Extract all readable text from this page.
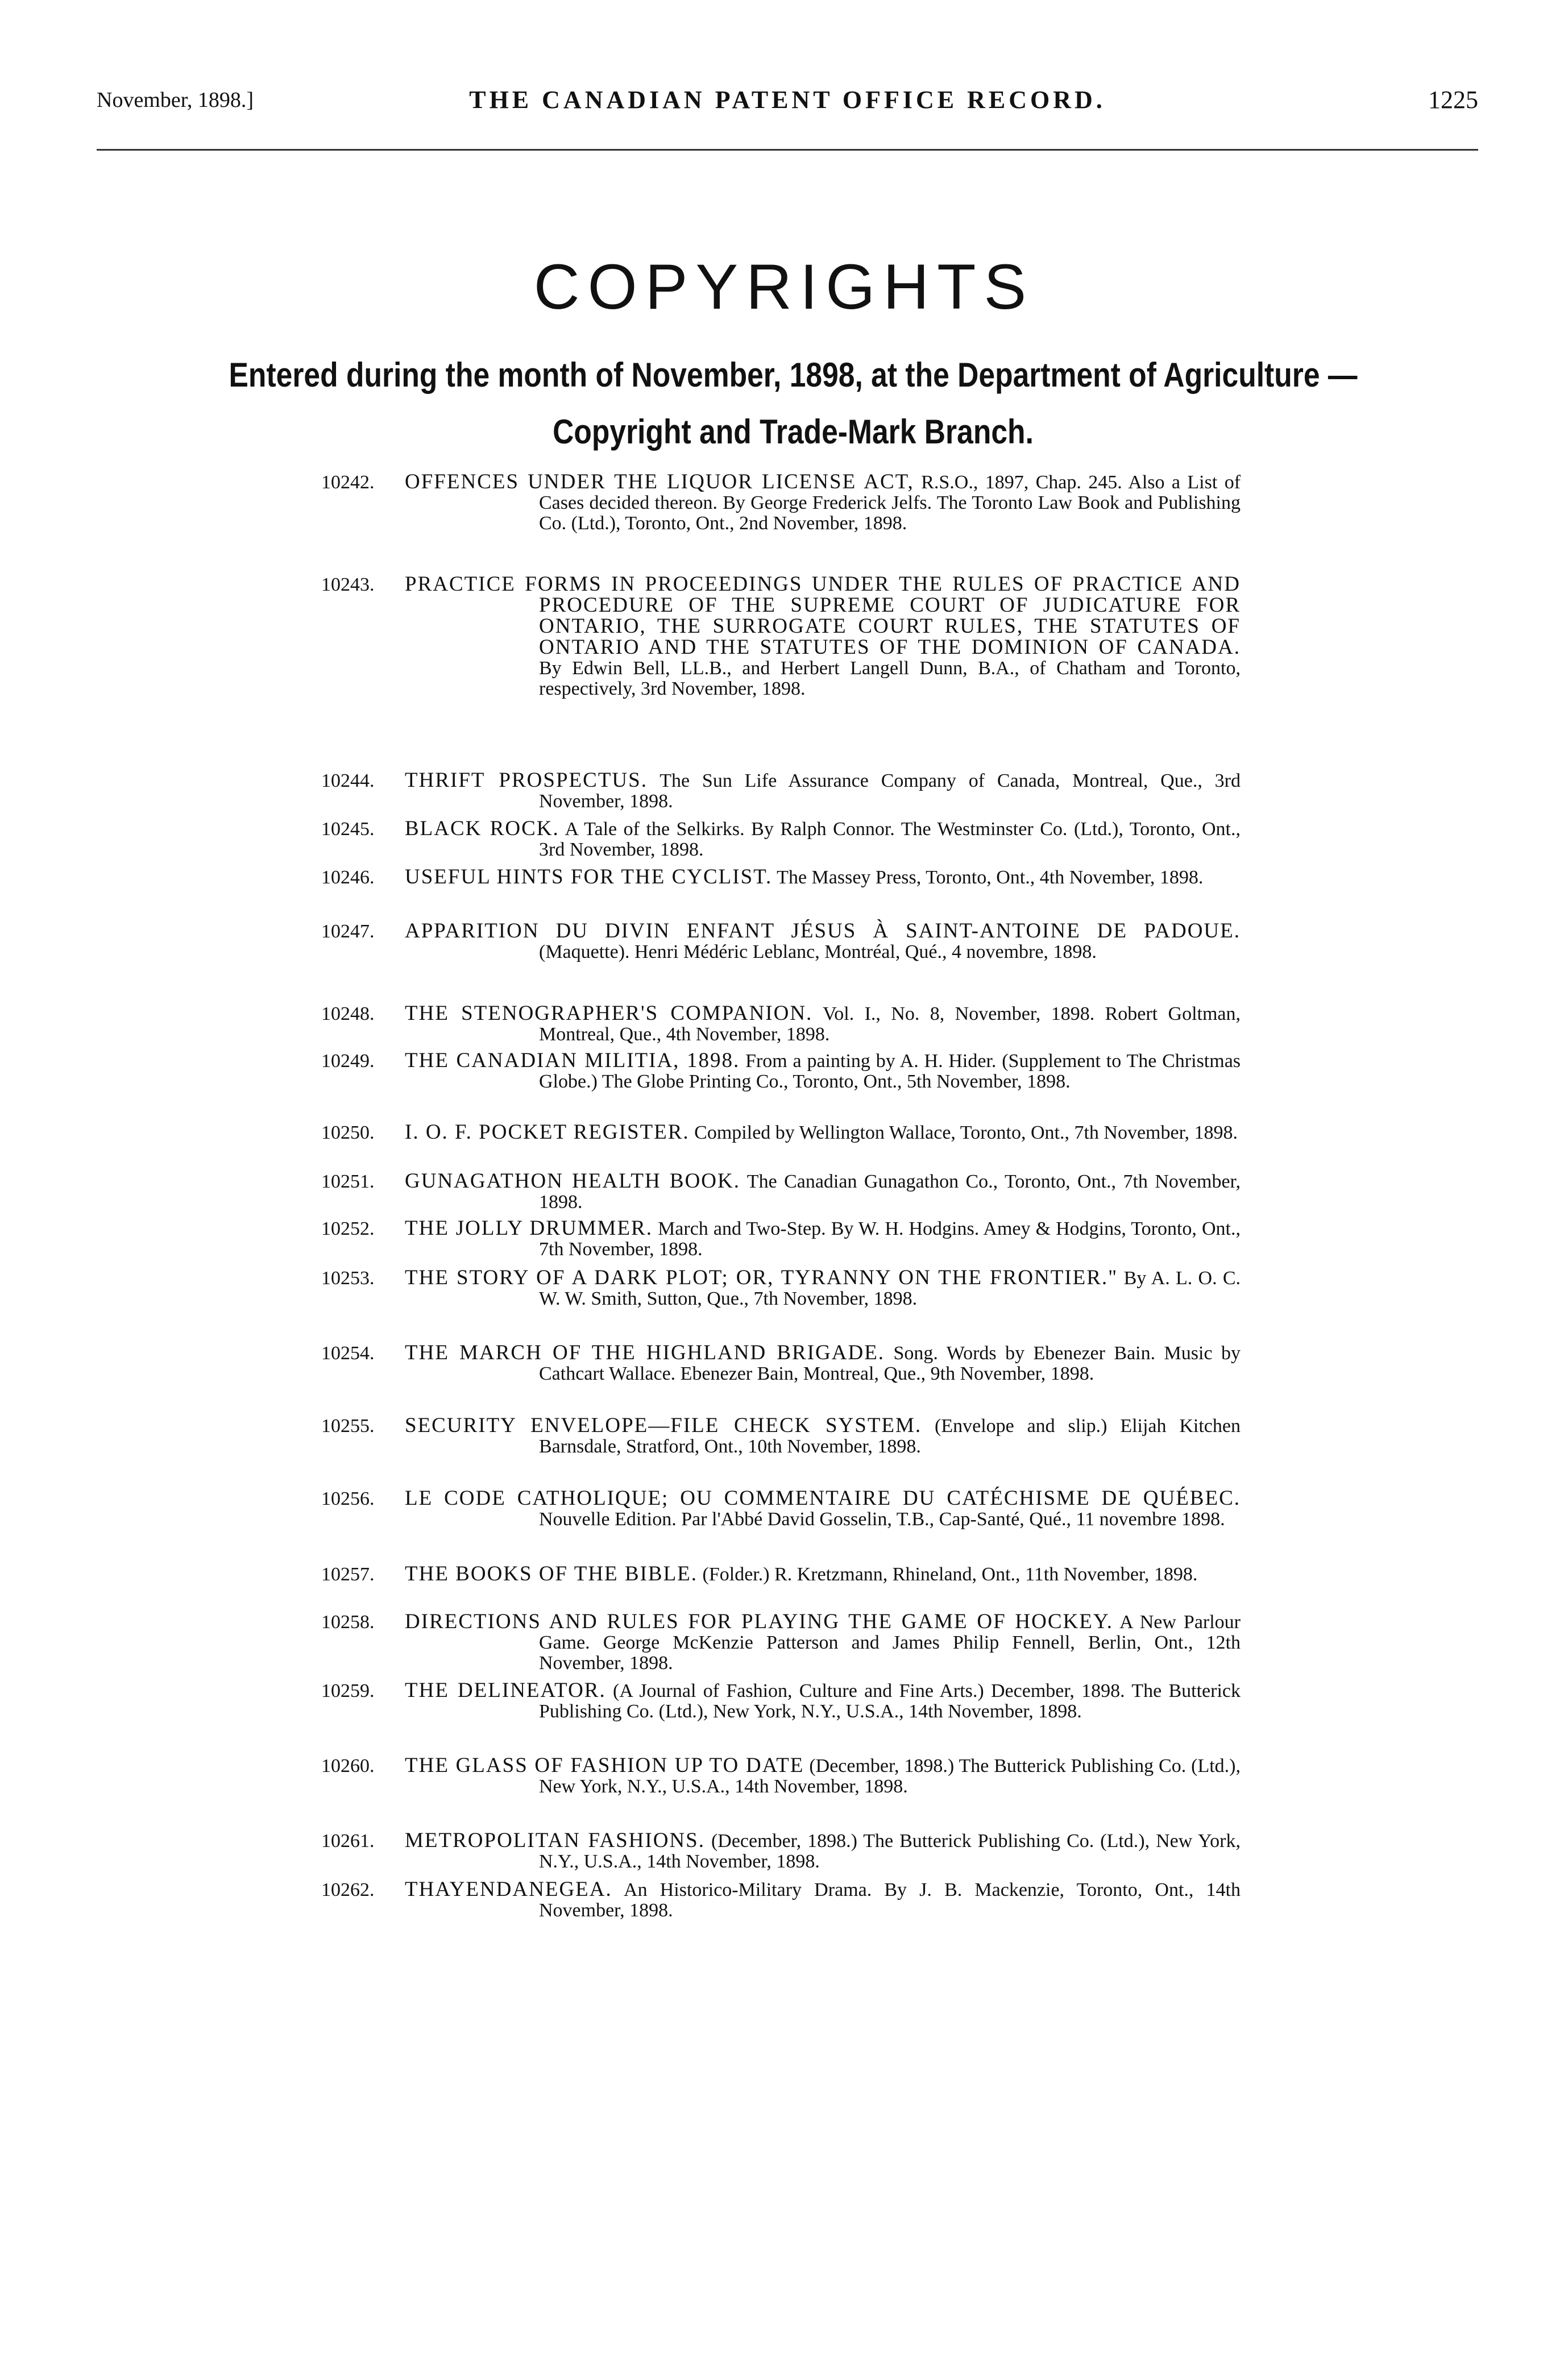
November, 1898.]	THE CANADIAN PATENT OFFICE RECORD.	1225
COPYRIGHTS
Entered during the month of November, 1898, at the Department of Agriculture —
Copyright and Trade-Mark Branch.
10242. OFFENCES UNDER THE LIQUOR LICENSE ACT, R.S.O., 1897, Chap. 245. Also a List of Cases decided thereon. By George Frederick Jelfs. The Toronto Law Book and Publishing Co. (Ltd.), Toronto, Ont., 2nd November, 1898.
10243. PRACTICE FORMS IN PROCEEDINGS UNDER THE RULES OF PRACTICE AND PROCEDURE OF THE SUPREME COURT OF JUDICATURE FOR ONTARIO, THE SURROGATE COURT RULES, THE STATUTES OF ONTARIO AND THE STATUTES OF THE DOMINION OF CANADA. By Edwin Bell, LL.B., and Herbert Langell Dunn, B.A., of Chatham and Toronto, respectively, 3rd November, 1898.
10244. THRIFT PROSPECTUS. The Sun Life Assurance Company of Canada, Montreal, Que., 3rd November, 1898.
10245. BLACK ROCK. A Tale of the Selkirks. By Ralph Connor. The Westminster Co. (Ltd.), Toronto, Ont., 3rd November, 1898.
10246. USEFUL HINTS FOR THE CYCLIST. The Massey Press, Toronto, Ont., 4th November, 1898.
10247. APPARITION DU DIVIN ENFANT JÉSUS À SAINT-ANTOINE DE PADOUE. (Maquette). Henri Médéric Leblanc, Montréal, Qué., 4 novembre, 1898.
10248. THE STENOGRAPHER'S COMPANION. Vol. I., No. 8, November, 1898. Robert Goltman, Montreal, Que., 4th November, 1898.
10249. THE CANADIAN MILITIA, 1898. From a painting by A. H. Hider. (Supplement to The Christmas Globe.) The Globe Printing Co., Toronto, Ont., 5th November, 1898.
10250. I. O. F. POCKET REGISTER. Compiled by Wellington Wallace, Toronto, Ont., 7th November, 1898.
10251. GUNAGATHON HEALTH BOOK. The Canadian Gunagathon Co., Toronto, Ont., 7th November, 1898.
10252. THE JOLLY DRUMMER. March and Two-Step. By W. H. Hodgins. Amey & Hodgins, Toronto, Ont., 7th November, 1898.
10253. THE STORY OF A DARK PLOT; OR, TYRANNY ON THE FRONTIER." By A. L. O. C. W. W. Smith, Sutton, Que., 7th November, 1898.
10254. THE MARCH OF THE HIGHLAND BRIGADE. Song. Words by Ebenezer Bain. Music by Cathcart Wallace. Ebenezer Bain, Montreal, Que., 9th November, 1898.
10255. SECURITY ENVELOPE—FILE CHECK SYSTEM. (Envelope and slip.) Elijah Kitchen Barnsdale, Stratford, Ont., 10th November, 1898.
10256. LE CODE CATHOLIQUE; OU COMMENTAIRE DU CATÉCHISME DE QUÉBEC. Nouvelle Edition. Par l'Abbé David Gosselin, T.B., Cap-Santé, Qué., 11 novembre 1898.
10257. THE BOOKS OF THE BIBLE. (Folder.) R. Kretzmann, Rhineland, Ont., 11th November, 1898.
10258. DIRECTIONS AND RULES FOR PLAYING THE GAME OF HOCKEY. A New Parlour Game. George McKenzie Patterson and James Philip Fennell, Berlin, Ont., 12th November, 1898.
10259. THE DELINEATOR. (A Journal of Fashion, Culture and Fine Arts.) December, 1898. The Butterick Publishing Co. (Ltd.), New York, N.Y., U.S.A., 14th November, 1898.
10260. THE GLASS OF FASHION UP TO DATE (December, 1898.) The Butterick Publishing Co. (Ltd.), New York, N.Y., U.S.A., 14th November, 1898.
10261. METROPOLITAN FASHIONS. (December, 1898.) The Butterick Publishing Co. (Ltd.), New York, N.Y., U.S.A., 14th November, 1898.
10262. THAYENDANEGEA. An Historico-Military Drama. By J. B. Mackenzie, Toronto, Ont., 14th November, 1898.
